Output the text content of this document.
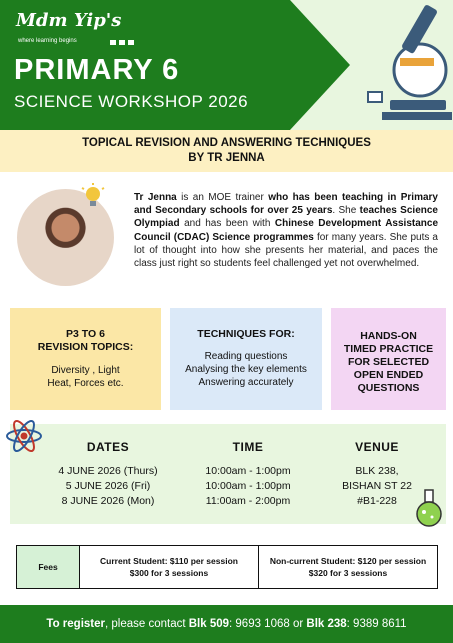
Mdm Yip's
where learning begins
PRIMARY 6
SCIENCE WORKSHOP 2026
TOPICAL REVISION AND ANSWERING TECHNIQUES
BY TR JENNA
Tr Jenna is an MOE trainer who has been teaching in Primary and Secondary schools for over 25 years. She teaches Science Olympiad and has been with Chinese Development Assistance Council (CDAC) Science programmes for many years. She puts a lot of thought into how she presents her material, and paces the class just right so students feel challenged yet not overwhelmed.
P3 TO 6
REVISION TOPICS:
Diversity , Light
Heat, Forces etc.
TECHNIQUES FOR:
Reading questions
Analysing the key elements
Answering accurately
HANDS-ON
TIMED PRACTICE
FOR SELECTED
OPEN ENDED
QUESTIONS
DATES
4 JUNE 2026 (Thurs)
5 JUNE 2026 (Fri)
8 JUNE 2026 (Mon)
TIME
10:00am - 1:00pm
10:00am - 1:00pm
11:00am - 2:00pm
VENUE
BLK 238,
BISHAN ST 22
#B1-228
Fees
Current Student: $110 per session
$300 for 3 sessions
Non-current Student: $120 per session
$320 for 3 sessions
To register, please contact Blk 509: 9693 1068 or Blk 238: 9389 8611
